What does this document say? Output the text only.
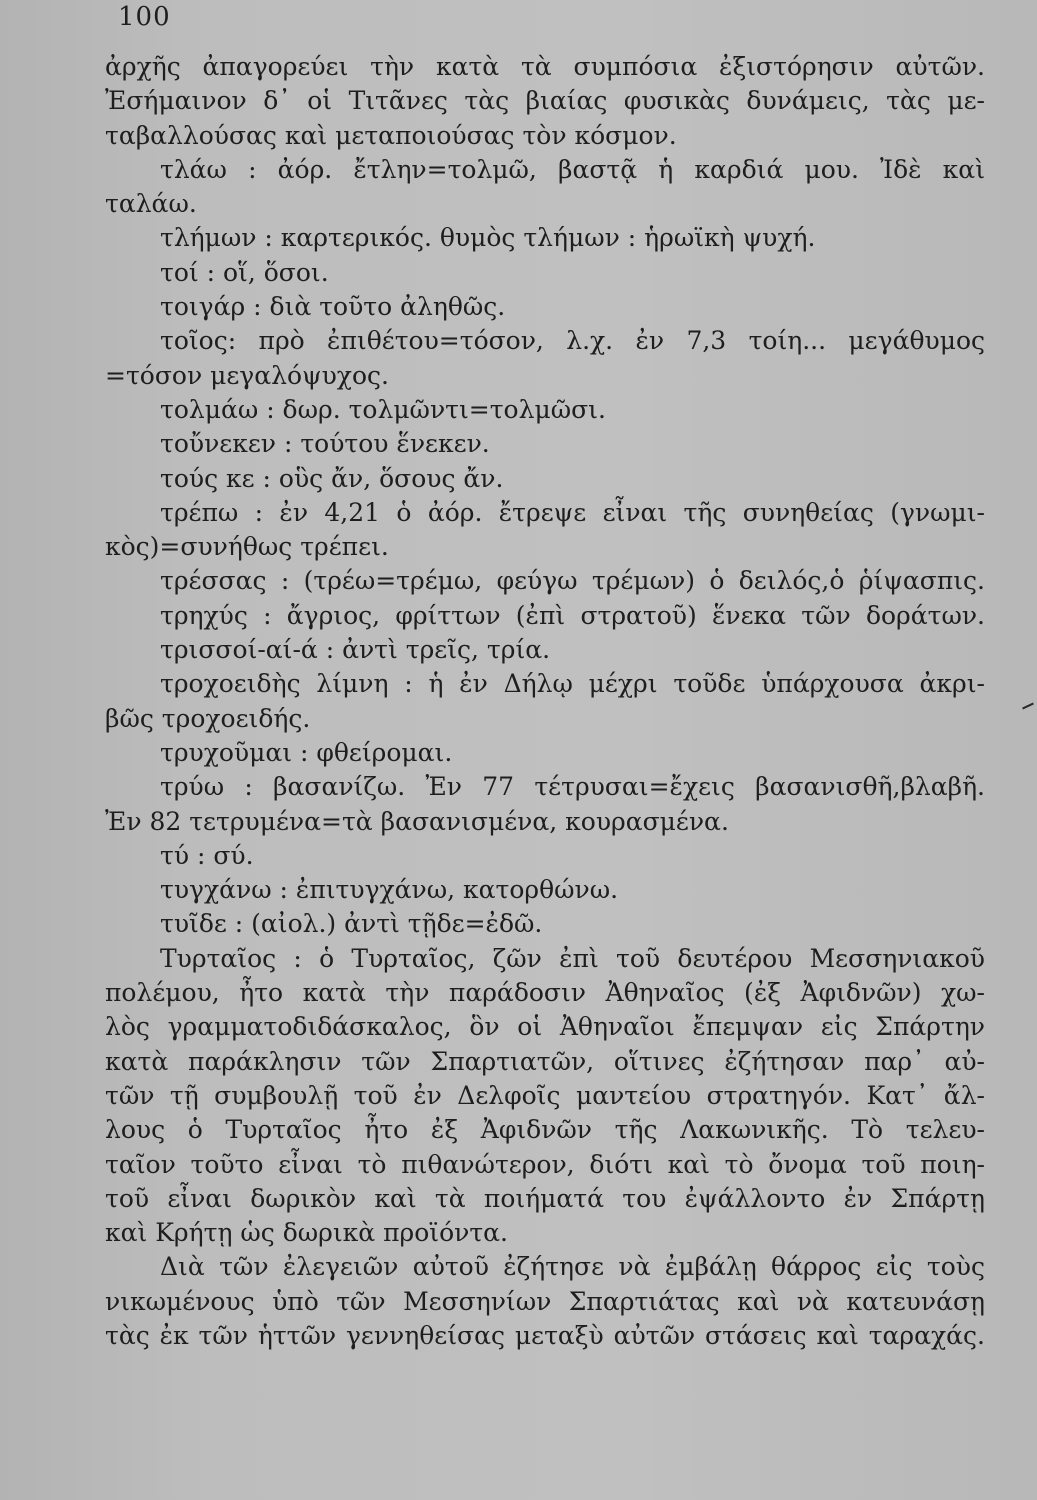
100
ἀρχῆς ἀπαγορεύει τὴν κατὰ τὰ συμπόσια ἐξιστόρησιν αὐτῶν.
Ἐσήμαινον δ᾽ οἱ Τιτᾶνες τὰς βιαίας φυσικὰς δυνάμεις, τὰς με-
ταβαλλούσας καὶ μεταποιούσας τὸν κόσμον.
τλάω : ἀόρ. ἔτλην=τολμῶ, βαστᾷ ἡ καρδιά μου. Ἰδὲ καὶ
ταλάω.
τλήμων : καρτερικός. θυμὸς τλήμων : ἡρωϊκὴ ψυχή.
τοί : οἵ, ὅσοι.
τοιγάρ : διὰ τοῦτο ἀληθῶς.
τοῖος: πρὸ ἐπιθέτου=τόσον, λ.χ. ἐν 7,3 τοίη... μεγάθυμος
=τόσον μεγαλόψυχος.
τολμάω : δωρ. τολμῶντι=τολμῶσι.
τοὔνεκεν : τούτου ἕνεκεν.
τούς κε : οὓς ἄν, ὅσους ἄν.
τρέπω : ἐν 4,21 ὁ ἀόρ. ἔτρεψε εἶναι τῆς συνηθείας (γνωμι-
κὸς)=συνήθως τρέπει.
τρέσσας : (τρέω=τρέμω, φεύγω τρέμων) ὁ δειλός,ὁ ῥίψασπις.
τρηχύς : ἄγριος, φρίττων (ἐπὶ στρατοῦ) ἕνεκα τῶν δοράτων.
τρισσοί-αί-ά : ἀντὶ τρεῖς, τρία.
τροχοειδὴς λίμνη : ἡ ἐν Δήλῳ μέχρι τοῦδε ὑπάρχουσα ἀκρι-
βῶς τροχοειδής.
τρυχοῦμαι : φθείρομαι.
τρύω : βασανίζω. Ἐν 77 τέτρυσαι=ἔχεις βασανισθῆ,βλαβῆ.
Ἐν 82 τετρυμένα=τὰ βασανισμένα, κουρασμένα.
τύ : σύ.
τυγχάνω : ἐπιτυγχάνω, κατορθώνω.
τυῖδε : (αἰολ.) ἀντὶ τῇδε=ἐδῶ.
Τυρταῖος : ὁ Τυρταῖος, ζῶν ἐπὶ τοῦ δευτέρου Μεσσηνιακοῦ
πολέμου, ἦτο κατὰ τὴν παράδοσιν Ἀθηναῖος (ἐξ Ἀφιδνῶν) χω-
λὸς γραμματοδιδάσκαλος, ὃν οἱ Ἀθηναῖοι ἔπεμψαν εἰς Σπάρτην
κατὰ παράκλησιν τῶν Σπαρτιατῶν, οἵτινες ἐζήτησαν παρ᾽ αὐ-
τῶν τῇ συμβουλῇ τοῦ ἐν Δελφοῖς μαντείου στρατηγόν. Κατ᾽ ἄλ-
λους ὁ Τυρταῖος ἦτο ἐξ Ἀφιδνῶν τῆς Λακωνικῆς. Τὸ τελευ-
ταῖον τοῦτο εἶναι τὸ πιθανώτερον, διότι καὶ τὸ ὄνομα τοῦ ποιη-
τοῦ εἶναι δωρικὸν καὶ τὰ ποιήματά του ἐψάλλοντο ἐν Σπάρτῃ
καὶ Κρήτῃ ὡς δωρικὰ προϊόντα.
Διὰ τῶν ἐλεγειῶν αὐτοῦ ἐζήτησε νὰ ἐμβάλῃ θάρρος εἰς τοὺς
νικωμένους ὑπὸ τῶν Μεσσηνίων Σπαρτιάτας καὶ νὰ κατευνάσῃ
τὰς ἐκ τῶν ἡττῶν γεννηθείσας μεταξὺ αὐτῶν στάσεις καὶ ταραχάς.
